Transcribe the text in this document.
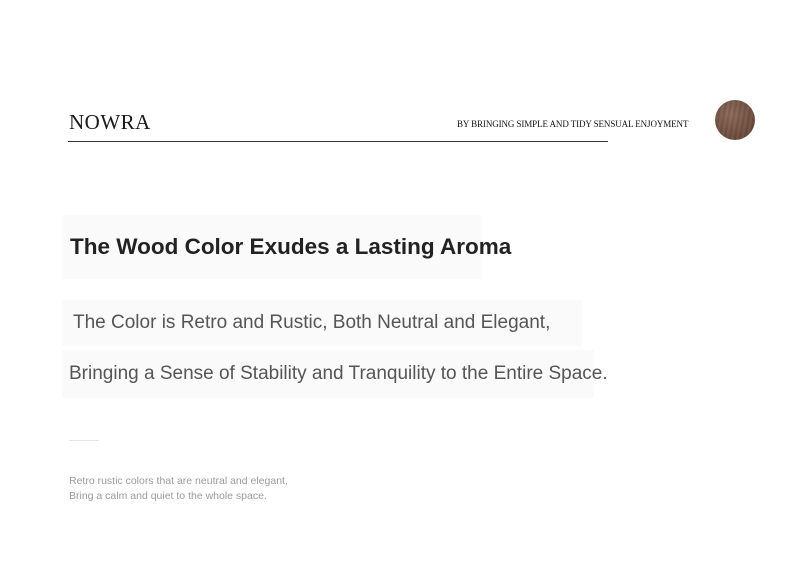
NOWRA	BY BRINGING SIMPLE AND TIDY SENSUAL ENJOYMENT
The Wood Color Exudes a Lasting Aroma
The Color is Retro and Rustic, Both Neutral and Elegant,
Bringing a Sense of Stability and Tranquility to the Entire Space.
Retro rustic colors that are neutral and elegant,
Bring a calm and quiet to the whole space.
